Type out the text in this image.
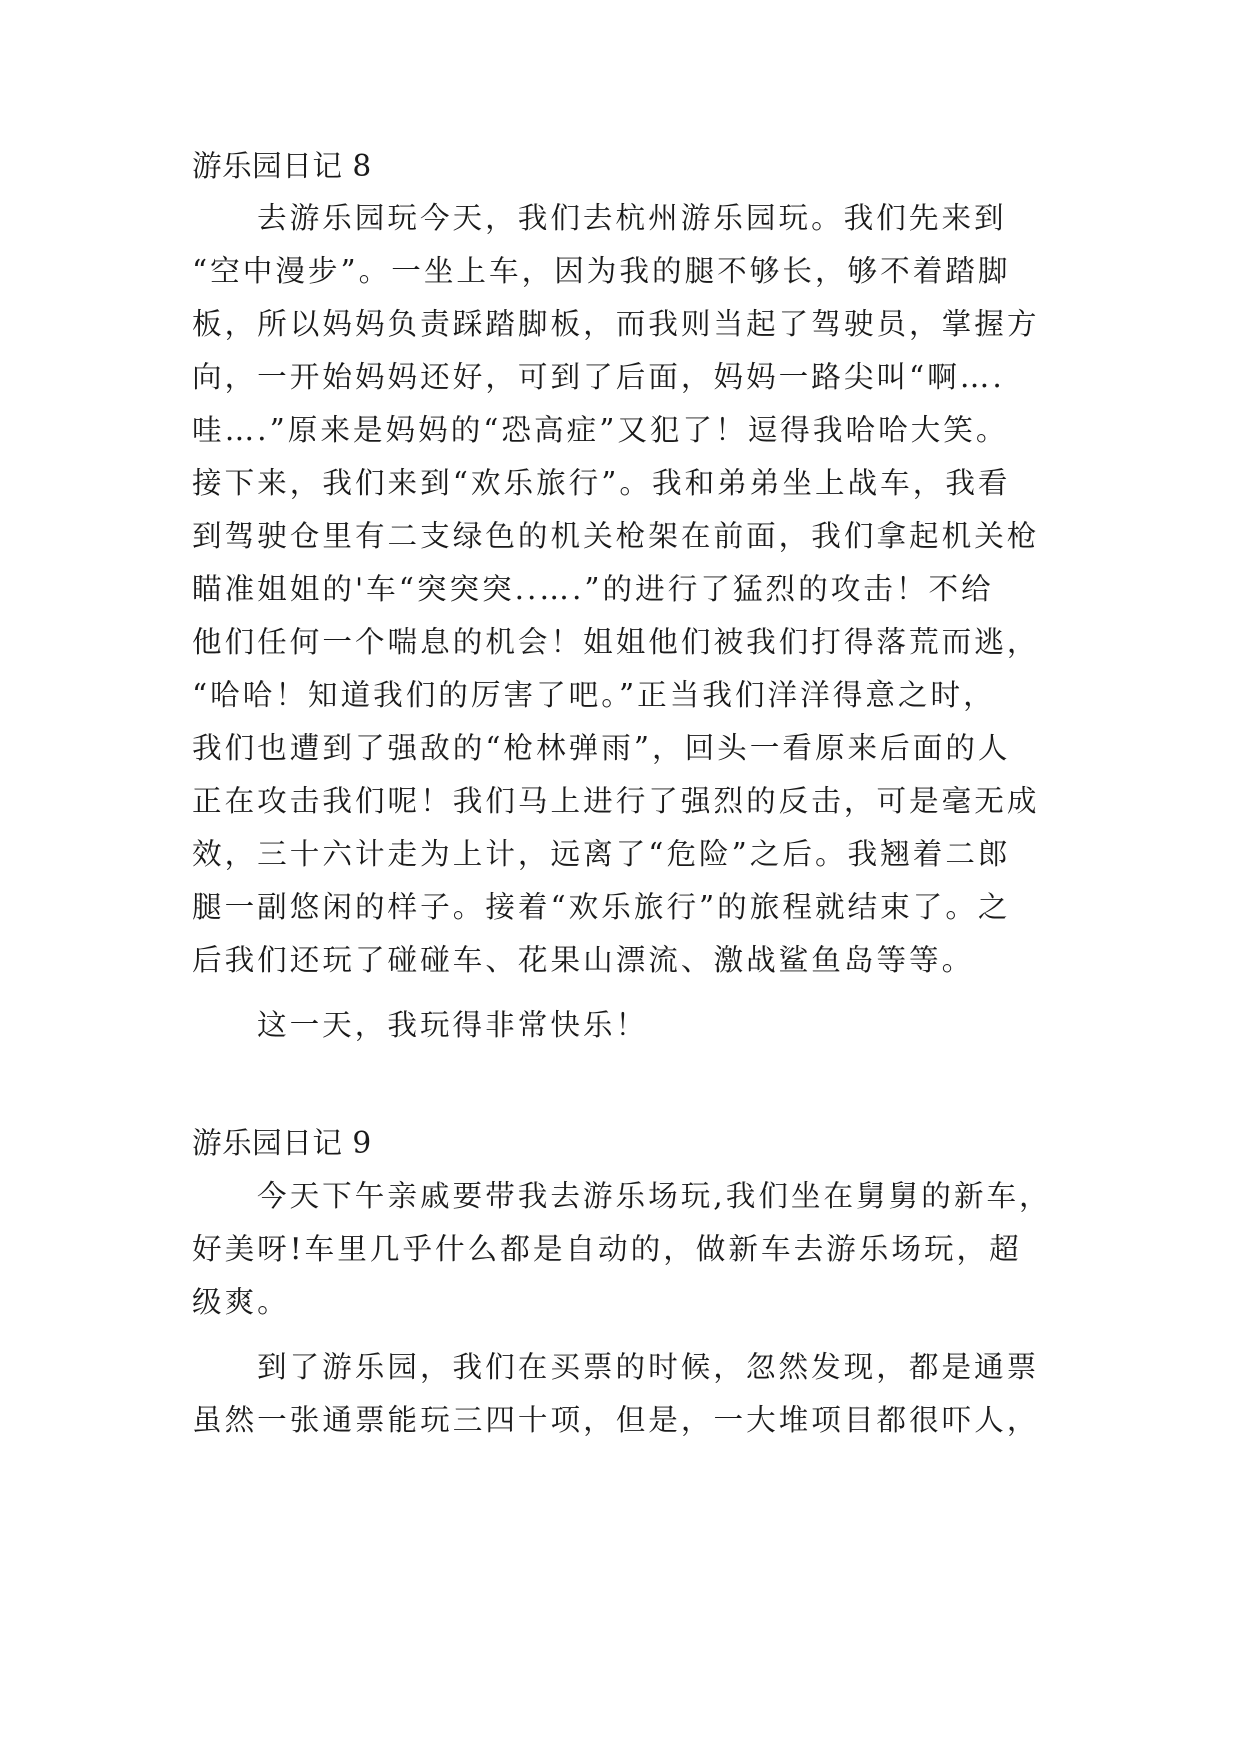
游乐园日记 8
去游乐园玩今天，我们去杭州游乐园玩。我们先来到
“空中漫步”。一坐上车，因为我的腿不够长，够不着踏脚
板，所以妈妈负责踩踏脚板，而我则当起了驾驶员，掌握方
向，一开始妈妈还好，可到了后面，妈妈一路尖叫“啊….
哇….”原来是妈妈的“恐高症”又犯了！逗得我哈哈大笑。
接下来，我们来到“欢乐旅行”。我和弟弟坐上战车，我看
到驾驶仓里有二支绿色的机关枪架在前面，我们拿起机关枪
瞄准姐姐的'车“突突突..….”的进行了猛烈的攻击！不给
他们任何一个喘息的机会！姐姐他们被我们打得落荒而逃，
“哈哈！知道我们的厉害了吧。”正当我们洋洋得意之时，
我们也遭到了强敌的“枪林弹雨”，回头一看原来后面的人
正在攻击我们呢！我们马上进行了强烈的反击，可是毫无成
效，三十六计走为上计，远离了“危险”之后。我翘着二郎
腿一副悠闲的样子。接着“欢乐旅行”的旅程就结束了。之
后我们还玩了碰碰车、花果山漂流、激战鲨鱼岛等等。
这一天，我玩得非常快乐！
游乐园日记 9
今天下午亲戚要带我去游乐场玩,我们坐在舅舅的新车，
好美呀!车里几乎什么都是自动的，做新车去游乐场玩，超
级爽。
到了游乐园，我们在买票的时候，忽然发现，都是通票
虽然一张通票能玩三四十项，但是，一大堆项目都很吓人，
